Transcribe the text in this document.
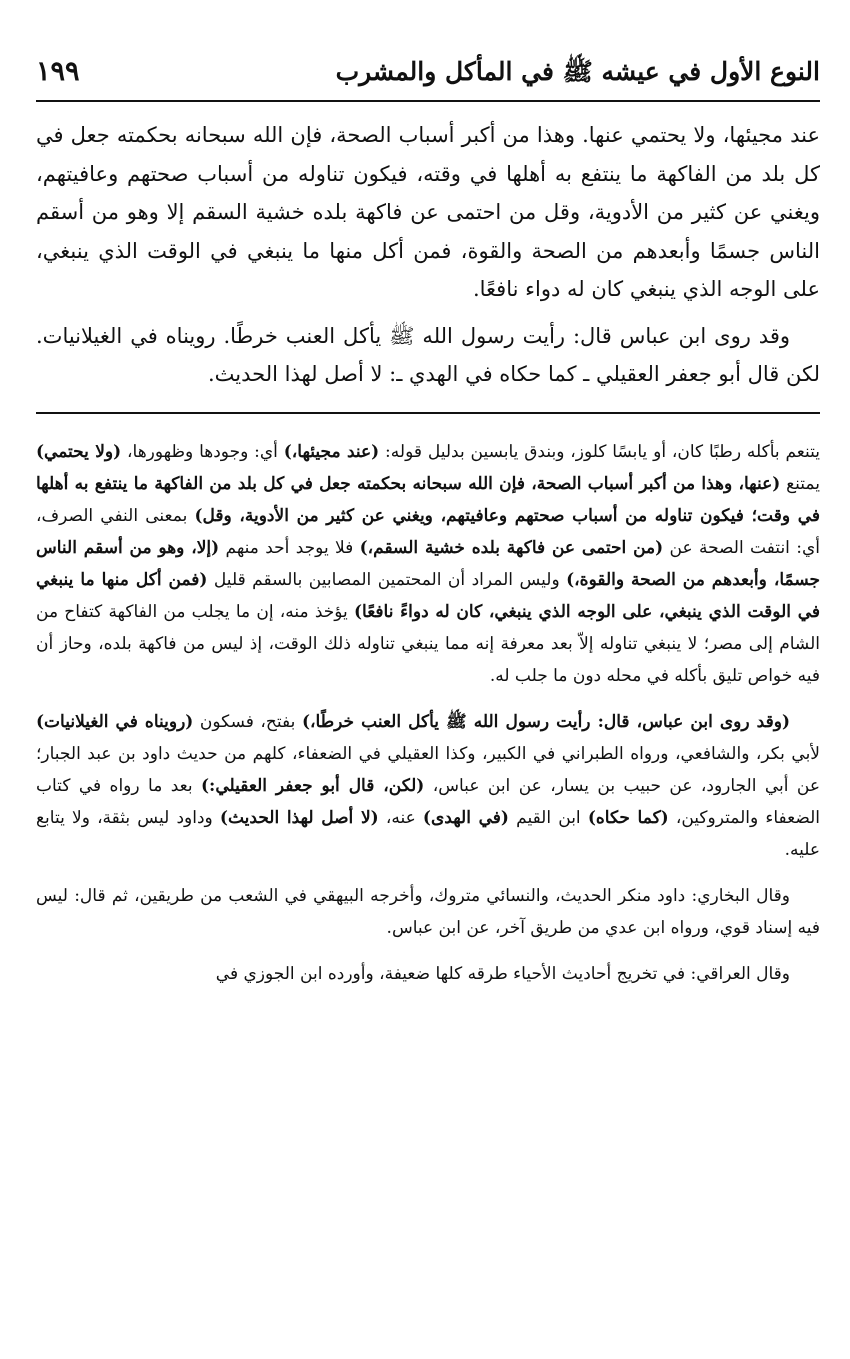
النوع الأول في عيشه ﷺ في المأكل والمشرب
١٩٩

عند مجيئها، ولا يحتمي عنها. وهذا من أكبر أسباب الصحة، فإن الله سبحانه بحكمته جعل في كل بلد من الفاكهة ما ينتفع به أهلها في وقته، فيكون تناوله من أسباب صحتهم وعافيتهم، ويغني عن كثير من الأدوية، وقل من احتمى عن فاكهة بلده خشية السقم إلا وهو من أسقم الناس جسمًا وأبعدهم من الصحة والقوة، فمن أكل منها ما ينبغي في الوقت الذي ينبغي، على الوجه الذي ينبغي كان له دواء نافعًا.

وقد روى ابن عباس قال: رأيت رسول الله ﷺ يأكل العنب خرطًا. رويناه في الغيلانيات. لكن قال أبو جعفر العقيلي ـ كما حكاه في الهدي ـ: لا أصل لهذا الحديث.

يتنعم بأكله رطبًا كان، أو يابسًا كلوز، وبندق يابسين بدليل قوله: (عند مجيئها،) أي: وجودها وظهورها، (ولا يحتمي) يمتنع (عنها، وهذا من أكبر أسباب الصحة، فإن الله سبحانه بحكمته جعل في كل بلد من الفاكهة ما ينتفع به أهلها في وقت؛ فيكون تناوله من أسباب صحتهم وعافيتهم، ويغني عن كثير من الأدوية، وقل) بمعنى النفي الصرف، أي: انتفت الصحة عن (من احتمى عن فاكهة بلده خشية السقم،) فلا يوجد أحد منهم (إلا، وهو من أسقم الناس جسمًا، وأبعدهم من الصحة والقوة،) وليس المراد أن المحتمين المصابين بالسقم قليل (فمن أكل منها ما ينبغي في الوقت الذي ينبغي، على الوجه الذي ينبغي، كان له دواءً نافعًا) يؤخذ منه، إن ما يجلب من الفاكهة كتفاح من الشام إلى مصر؛ لا ينبغي تناوله إلاّ بعد معرفة إنه مما ينبغي تناوله ذلك الوقت، إذ ليس من فاكهة بلده، وحاز أن فيه خواص تليق بأكله في محله دون ما جلب له.

(وقد روى ابن عباس، قال: رأيت رسول الله ﷺ يأكل العنب خرطًا،) بفتح، فسكون (رويناه في الغيلانيات) لأبي بكر، والشافعي، ورواه الطبراني في الكبير، وكذا العقيلي في الضعفاء، كلهم من حديث داود بن عبد الجبار؛ عن أبي الجارود، عن حبيب بن يسار، عن ابن عباس، (لكن، قال أبو جعفر العقيلي:) بعد ما رواه في كتاب الضعفاء والمتروكين، (كما حكاه) ابن القيم (في الهدى) عنه، (لا أصل لهذا الحديث) وداود ليس بثقة، ولا يتابع عليه.

وقال البخاري: داود منكر الحديث، والنسائي متروك، وأخرجه البيهقي في الشعب من طريقين، ثم قال: ليس فيه إسناد قوي، ورواه ابن عدي من طريق آخر، عن ابن عباس.

وقال العراقي: في تخريج أحاديث الأحياء طرقه كلها ضعيفة، وأورده ابن الجوزي في
